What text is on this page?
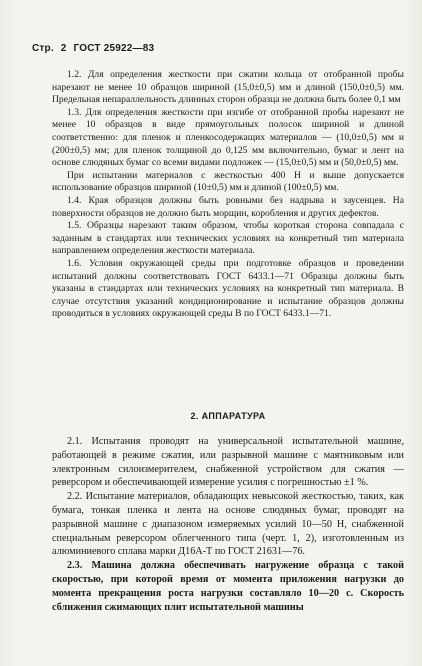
Стр. 2 ГОСТ 25922—83

1.2. Для определения жесткости при сжатии кольца от отобранной пробы нарезают не менее 10 образцов шириной (15,0±0,5) мм и длиной (150,0±0,5) мм. Предельная непараллельность длинных сторон образца не должна быть более 0,1 мм

1.3. Для определения жесткости при изгибе от отобранной пробы нарезают не менее 10 образцов в виде прямоугольных полосок шириной и длиной соответственно: для пленок и пленкосодержащих материалов — (10,0±0,5) мм и (200±0,5) мм; для пленок толщиной до 0,125 мм включительно, бумаг и лент на основе слюдяных бумаг со всеми видами подложек — (15,0±0,5) мм и (50,0±0,5) мм.

При испытании материалов с жесткостью 400 Н и выше допускается использование образцов шириной (10±0,5) мм и длиной (100±0,5) мм.

1.4. Края образцов должны быть ровными без надрыва и заусенцев. На поверхности образцов не должно быть морщин, коробления и других дефектов.

1.5. Образцы нарезают таким образом, чтобы короткая сторона совпадала с заданным в стандартах или технических условиях на конкретный тип материала направлением определения жесткости материала.

1.6. Условия окружающей среды при подготовке образцов и проведении испытаний должны соответствовать ГОСТ 6433.1—71 Образцы должны быть указаны в стандартах или технических условиях на конкретный тип материала. В случае отсутствия указаний кондиционирование и испытание образцов должны проводиться в условиях окружающей среды В по ГОСТ 6433.1—71.

2. АППАРАТУРА

2.1. Испытания проводят на универсальной испытательной машине, работающей в режиме сжатия, или разрывной машине с маятниковым или электронным силоизмерителем, снабженной устройством для сжатия — реверсором и обеспечивающей измерение усилия с погрешностью ±1 %.

2.2. Испытание материалов, обладающих невысокой жесткостью, таких, как бумага, тонкая пленка и лента на основе слюдяных бумаг, проводят на разрывной машине с диапазоном измеряемых усилий 10—50 Н, снабженной специальным реверсором облегченного типа (черт. 1, 2), изготовленным из алюминиевого сплава марки Д16А-Т по ГОСТ 21631—76.

2.3. Машина должна обеспечивать нагружение образца с такой скоростью, при которой время от момента приложения нагрузки до момента прекращения роста нагрузки составляло 10—20 с. Скорость сближения сжимающих плит испытательной машины
